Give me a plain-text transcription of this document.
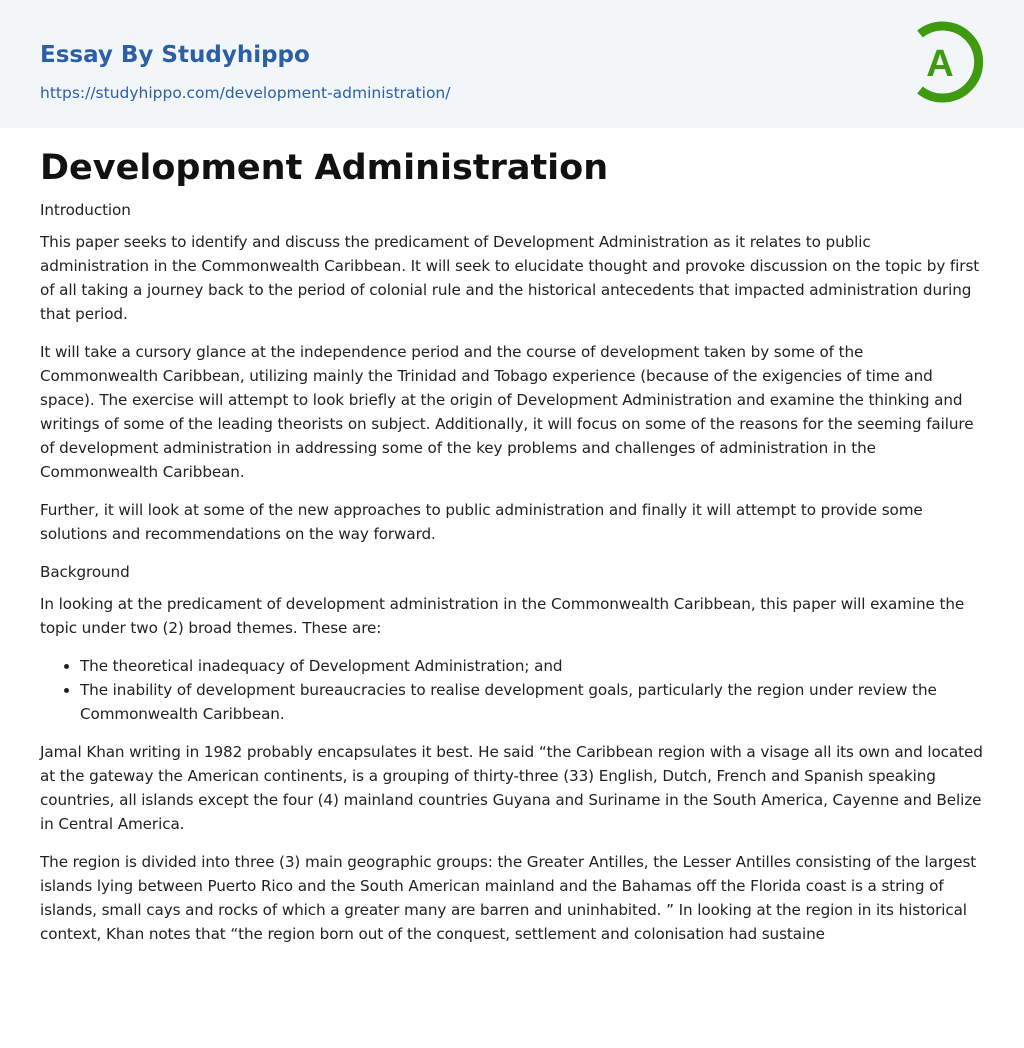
Essay By Studyhippo
https://studyhippo.com/development-administration/
A
Development Administration

Introduction

This paper seeks to identify and discuss the predicament of Development Administration as it relates to public administration in the Commonwealth Caribbean. It will seek to elucidate thought and provoke discussion on the topic by first of all taking a journey back to the period of colonial rule and the historical antecedents that impacted administration during that period.

It will take a cursory glance at the independence period and the course of development taken by some of the Commonwealth Caribbean, utilizing mainly the Trinidad and Tobago experience (because of the exigencies of time and space). The exercise will attempt to look briefly at the origin of Development Administration and examine the thinking and writings of some of the leading theorists on subject. Additionally, it will focus on some of the reasons for the seeming failure of development administration in addressing some of the key problems and challenges of administration in the Commonwealth Caribbean.

Further, it will look at some of the new approaches to public administration and finally it will attempt to provide some solutions and recommendations on the way forward.

Background

In looking at the predicament of development administration in the Commonwealth Caribbean, this paper will examine the topic under two (2) broad themes. These are:

• The theoretical inadequacy of Development Administration; and
• The inability of development bureaucracies to realise development goals, particularly the region under review the Commonwealth Caribbean.

Jamal Khan writing in 1982 probably encapsulates it best. He said “the Caribbean region with a visage all its own and located at the gateway the American continents, is a grouping of thirty-three (33) English, Dutch, French and Spanish speaking countries, all islands except the four (4) mainland countries Guyana and Suriname in the South America, Cayenne and Belize in Central America.

The region is divided into three (3) main geographic groups: the Greater Antilles, the Lesser Antilles consisting of the largest islands lying between Puerto Rico and the South American mainland and the Bahamas off the Florida coast is a string of islands, small cays and rocks of which a greater many are barren and uninhabited. ” In looking at the region in its historical context, Khan notes that “the region born out of the conquest, settlement and colonisation had sustaine
